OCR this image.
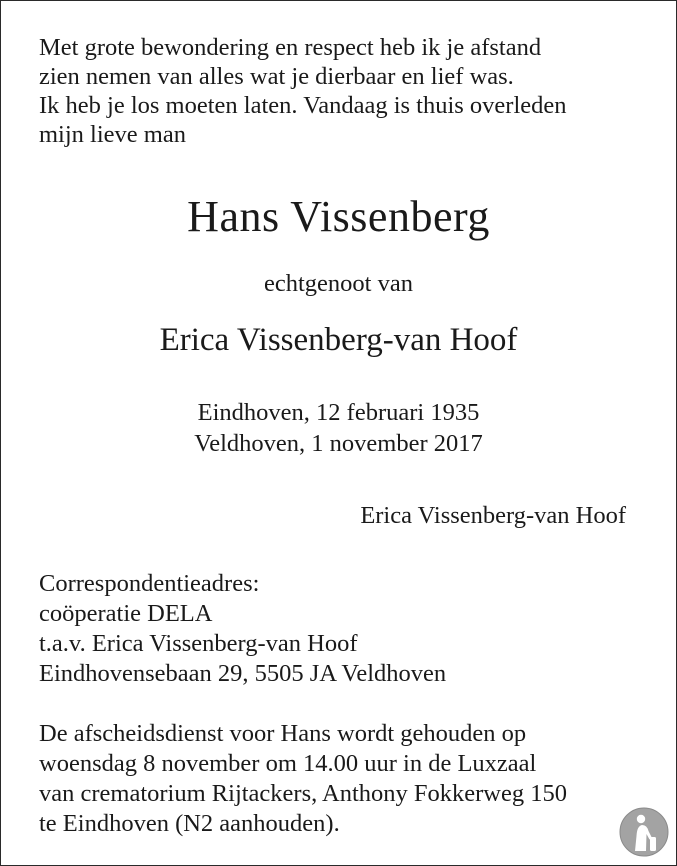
Met grote bewondering en respect heb ik je afstand
zien nemen van alles wat je dierbaar en lief was.
Ik heb je los moeten laten. Vandaag is thuis overleden
mijn lieve man
Hans Vissenberg
echtgenoot van
Erica Vissenberg-van Hoof
Eindhoven, 12 februari 1935
Veldhoven, 1 november 2017
Erica Vissenberg-van Hoof
Correspondentieadres:
coöperatie DELA
t.a.v. Erica Vissenberg-van Hoof
Eindhovensebaan 29, 5505 JA Veldhoven
De afscheidsdienst voor Hans wordt gehouden op
woensdag 8 november om 14.00 uur in de Luxzaal
van crematorium Rijtackers, Anthony Fokkerweg 150
te Eindhoven (N2 aanhouden).
